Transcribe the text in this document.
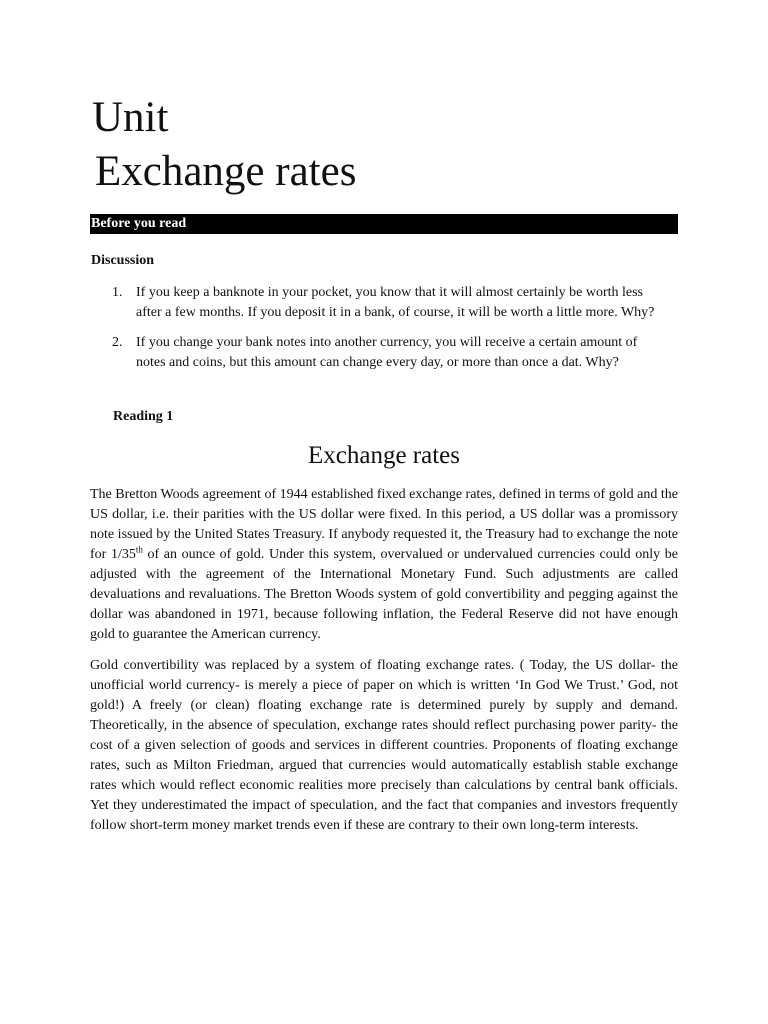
Unit
Exchange rates
Before you read
Discussion
1. If you keep a banknote in your pocket, you know that it will almost certainly be worth less after a few months. If you deposit it in a bank, of course, it will be worth a little more. Why?
2. If you change your bank notes into another currency, you will receive a certain amount of notes and coins, but this amount can change every day, or more than once a dat. Why?
Reading 1
Exchange rates

The Bretton Woods agreement of 1944 established fixed exchange rates, defined in terms of gold and the US dollar, i.e. their parities with the US dollar were fixed. In this period, a US dollar was a promissory note issued by the United States Treasury. If anybody requested it, the Treasury had to exchange the note for 1/35th of an ounce of gold. Under this system, overvalued or undervalued currencies could only be adjusted with the agreement of the International Monetary Fund. Such adjustments are called devaluations and revaluations. The Bretton Woods system of gold convertibility and pegging against the dollar was abandoned in 1971, because following inflation, the Federal Reserve did not have enough gold to guarantee the American currency.

Gold convertibility was replaced by a system of floating exchange rates. ( Today, the US dollar- the unofficial world currency- is merely a piece of paper on which is written ‘In God We Trust.’ God, not gold!) A freely (or clean) floating exchange rate is determined purely by supply and demand. Theoretically, in the absence of speculation, exchange rates should reflect purchasing power parity- the cost of a given selection of goods and services in different countries. Proponents of floating exchange rates, such as Milton Friedman, argued that currencies would automatically establish stable exchange rates which would reflect economic realities more precisely than calculations by central bank officials. Yet they underestimated the impact of speculation, and the fact that companies and investors frequently follow short-term money market trends even if these are contrary to their own long-term interests.
